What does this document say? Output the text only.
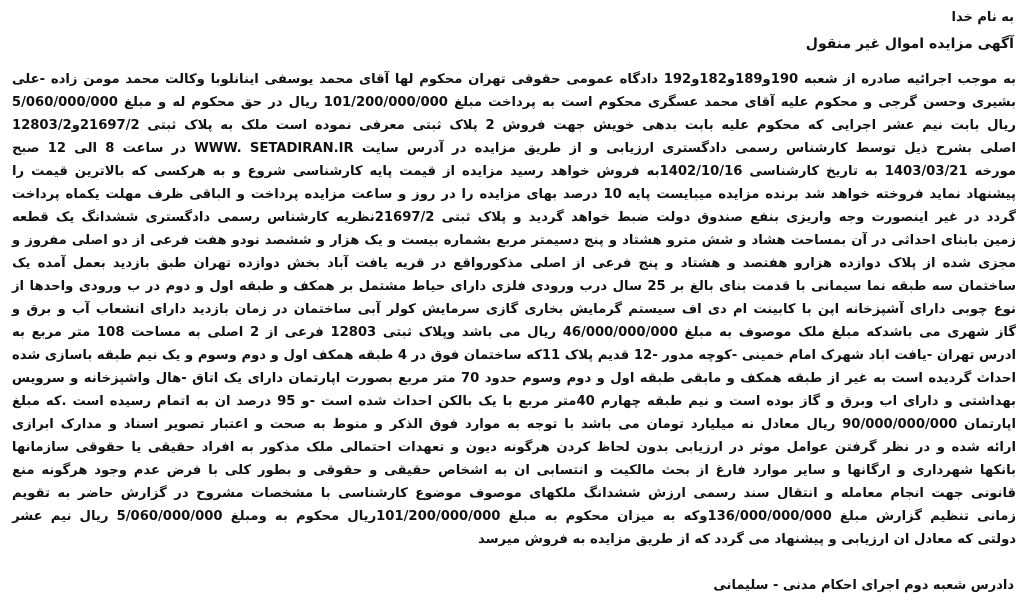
به نام خدا
آگهی مزایده اموال غیر منقول
به موجب اجرائیه صادره از شعبه 190و189و182و192 دادگاه عمومی حقوقی تهران محکوم لها آقای محمد یوسفی اینانلوبا وکالت محمد مومن زاده -علی
بشیری وحسن گرجی و محکوم علیه آقای محمد عسگری محکوم است به پرداخت مبلغ 101/200/000/000 ریال در حق محکوم له و مبلغ 5/060/000/000
ریال بابت نیم عشر اجرایی که محکوم علیه بابت بدهی خویش جهت فروش 2 پلاک ثبتی معرفی نموده است ملک به پلاک ثبتی 21697/2و12803/2
اصلی بشرح ذیل توسط کارشناس رسمی دادگستری ارزیابی و از طریق مزایده در آدرس سایت WWW. SETADIRAN.IR در ساعت 8 الی 12 صبح
مورخه 1403/03/21 به تاریخ کارشناسی 1402/10/16به فروش خواهد رسید مزایده از قیمت پایه کارشناسی شروع و به هرکسی که بالاترین قیمت را
پیشنهاد نماید فروخته خواهد شد برنده مزایده میبایست پایه 10 درصد بهای مزایده را در روز و ساعت مزایده پرداخت و الباقی ظرف مهلت یکماه پرداخت
گردد در غیر اینصورت وجه واریزی بنفع صندوق دولت ضبط خواهد گردید و پلاک ثبتی 21697/2نظریه کارشناس رسمی دادگستری ششدانگ یک قطعه
زمین بابنای احداثی در آن بمساحت هشاد و شش مترو هشتاد و پنج دسیمتر مربع بشماره بیست و یک هزار و ششصد نودو هفت فرعی از دو اصلی مفروز و
مجزی شده از پلاک دوازده هزارو هفتصد و هشتاد و پنج فرعی از اصلی مذکورواقع در قریه یافت آباد بخش دوازده تهران طبق بازدید بعمل آمده یک
ساختمان سه طبقه نما سیمانی با قدمت بنای بالغ بر 25 سال درب ورودی فلزی دارای حیاط مشتمل بر همکف و طبقه اول و دوم در ب ورودی واحدها از
نوع چوبی دارای آشپزخانه اپن با کابینت ام دی اف سیستم گرمایش بخاری گازی سرمایش کولر آبی ساختمان در زمان بازدید دارای انشعاب آب و برق و
گاز شهری می باشدکه مبلغ ملک موصوف به مبلغ 46/000/000/000 ریال می باشد وپلاک ثبتی 12803 فرعی از 2 اصلی به مساحت 108 متر مربع به
ادرس تهران -یافت اباد شهرک امام خمینی -کوچه مدور -12 قدیم پلاک 11که ساختمان فوق در 4 طبقه همکف اول و دوم وسوم و یک نیم طبقه باسازی شده
احداث گردیده است به غیر از طبقه همکف و مابقی طبقه اول و دوم وسوم حدود 70 متر مربع بصورت اپارتمان دارای یک اتاق -هال واشپزخانه و سرویس
بهداشتی و دارای اب وبرق و گاز بوده است و نیم طبقه چهارم 40متر مربع با یک بالکن احداث شده است -و 95 درصد ان به اتمام رسیده است .که مبلغ
اپارتمان 90/000/000/000 ریال معادل نه میلیارد تومان می باشد با توجه به موارد فوق الذکر و منوط به صحت و اعتبار تصویر اسناد و مدارک ابرازی
ارائه شده و در نظر گرفتن عوامل موثر در ارزیابی بدون لحاظ کردن هرگونه دیون و تعهدات احتمالی ملک مذکور به افراد حقیقی یا حقوقی سازمانها
بانکها شهرداری و ارگانها و سایر موارد فارغ از بحث مالکیت و انتسابی ان به اشخاص حقیقی و حقوقی و بطور کلی با فرض عدم وجود هرگونه منع
قانونی جهت انجام معامله و انتقال سند رسمی ارزش ششدانگ ملکهای موصوف موضوع کارشناسی با مشخصات مشروح در گزارش حاضر به تقویم
زمانی تنظیم گزارش مبلغ 136/000/000/000وکه به میزان محکوم به مبلغ 101/200/000/000ریال محکوم به ومبلغ 5/060/000/000 ریال نیم عشر
دولتی که معادل ان ارزیابی و پیشنهاد می گردد که از طریق مزایده به فروش میرسد
دادرس شعبه دوم اجرای احکام مدنی - سلیمانی
